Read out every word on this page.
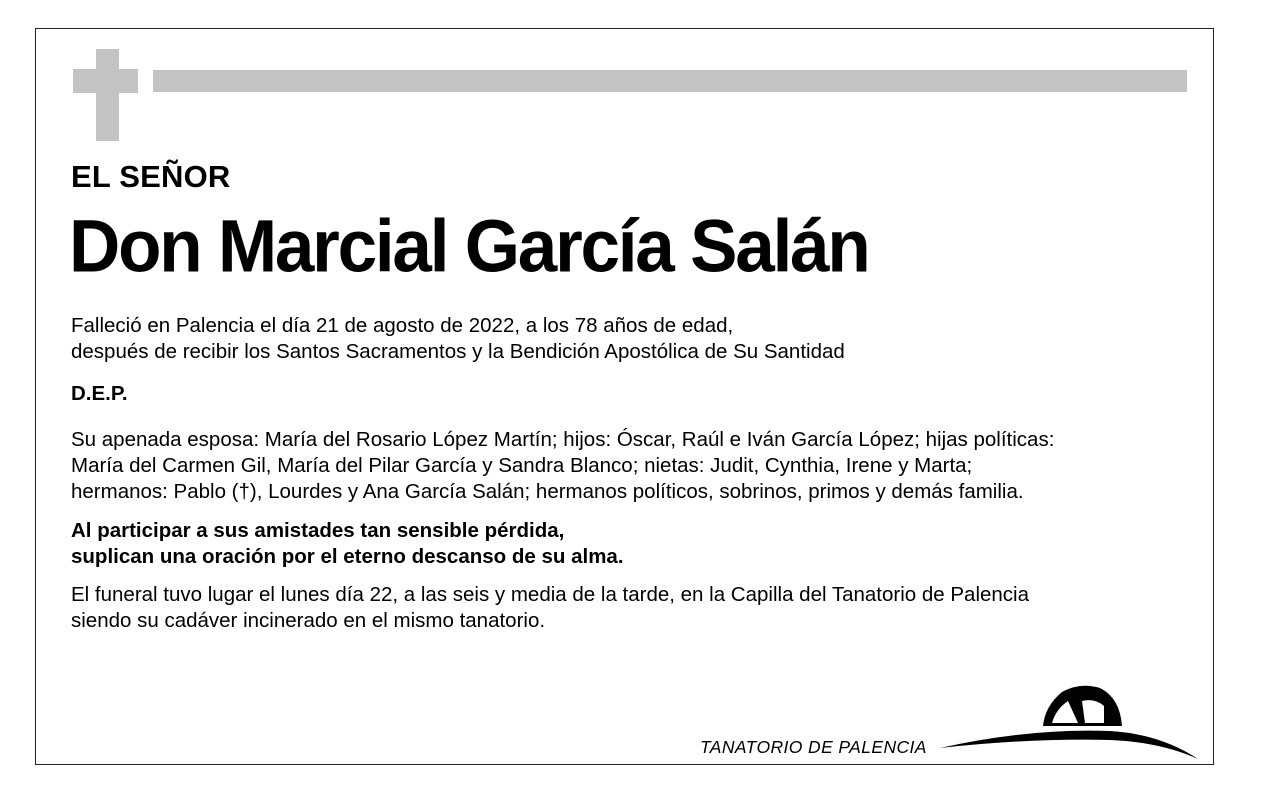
EL SEÑOR
Don Marcial García Salán

Falleció en Palencia el día 21 de agosto de 2022, a los 78 años de edad,
después de recibir los Santos Sacramentos y la Bendición Apostólica de Su Santidad

D.E.P.

Su apenada esposa: María del Rosario López Martín; hijos: Óscar, Raúl e Iván García López; hijas políticas:
María del Carmen Gil, María del Pilar García y Sandra Blanco; nietas: Judit, Cynthia, Irene y Marta;
hermanos: Pablo (†), Lourdes y Ana García Salán; hermanos políticos, sobrinos, primos y demás familia.

Al participar a sus amistades tan sensible pérdida,
suplican una oración por el eterno descanso de su alma.

El funeral tuvo lugar el lunes día 22, a las seis y media de la tarde, en la Capilla del Tanatorio de Palencia
siendo su cadáver incinerado en el mismo tanatorio.

TANATORIO DE PALENCIA
